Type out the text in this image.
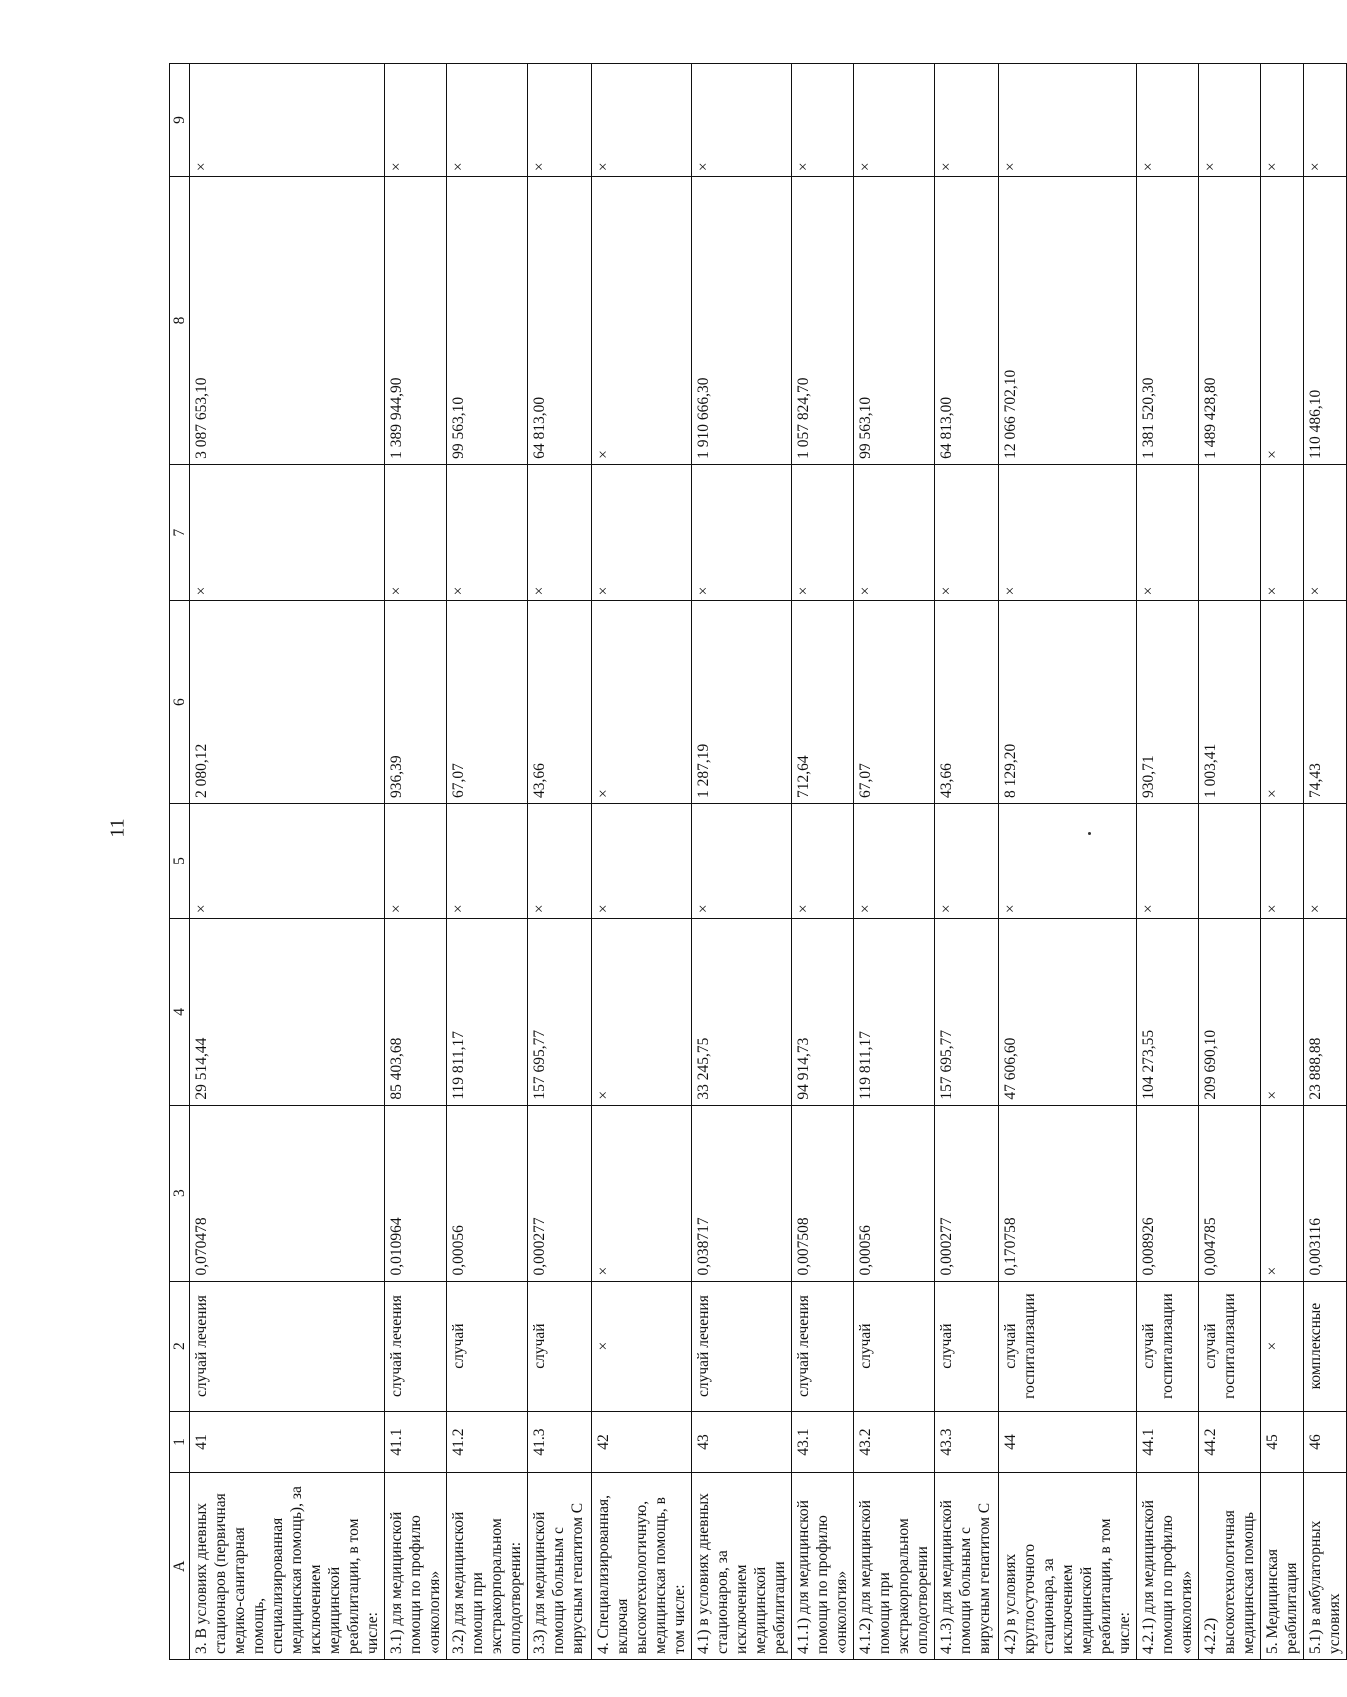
11
A	1	2	3	4	5	6	7	8	9
3. В условиях дневных стационаров (первичная медико-санитарная помощь, специализированная медицинская помощь), за исключением медицинской реабилитации, в том числе:	41	случай лечения	0,070478	29 514,44	×	2 080,12	×	3 087 653,10	×
3.1) для медицинской помощи по профилю «онкология»	41.1	случай лечения	0,010964	85 403,68	×	936,39	×	1 389 944,90	×
3.2) для медицинской помощи при экстракорпоральном оплодотворении:	41.2	случай	0,00056	119 811,17	×	67,07	×	99 563,10	×
3.3) для медицинской помощи больным с вирусным гепатитом С	41.3	случай	0,000277	157 695,77	×	43,66	×	64 813,00	×
4. Специализированная, включая высокотехнологичную, медицинская помощь, в том числе:	42	×	×	×	×	×	×	×	×
4.1) в условиях дневных стационаров, за исключением медицинской реабилитации	43	случай лечения	0,038717	33 245,75	×	1 287,19	×	1 910 666,30	×
4.1.1) для медицинской помощи по профилю «онкология»	43.1	случай лечения	0,007508	94 914,73	×	712,64	×	1 057 824,70	×
4.1.2) для медицинской помощи при экстракорпоральном оплодотворении	43.2	случай	0,00056	119 811,17	×	67,07	×	99 563,10	×
4.1.3) для медицинской помощи больным с вирусным гепатитом С	43.3	случай	0,000277	157 695,77	×	43,66	×	64 813,00	×
4.2) в условиях круглосуточного стационара, за исключением медицинской реабилитации, в том числе:	44	случай госпитализации	0,170758	47 606,60	×	8 129,20	×	12 066 702,10	×
4.2.1) для медицинской помощи по профилю «онкология»	44.1	случай госпитализации	0,008926	104 273,55	×	930,71	×	1 381 520,30	×
4.2.2) высокотехнологичная медицинская помощь	44.2	случай госпитализации	0,004785	209 690,10		1 003,41		1 489 428,80	×
5. Медицинская реабилитация	45	×	×	×	×	×	×	×	×
5.1) в амбулаторных условиях	46	комплексные	0,003116	23 888,88	×	74,43	×	110 486,10	×
